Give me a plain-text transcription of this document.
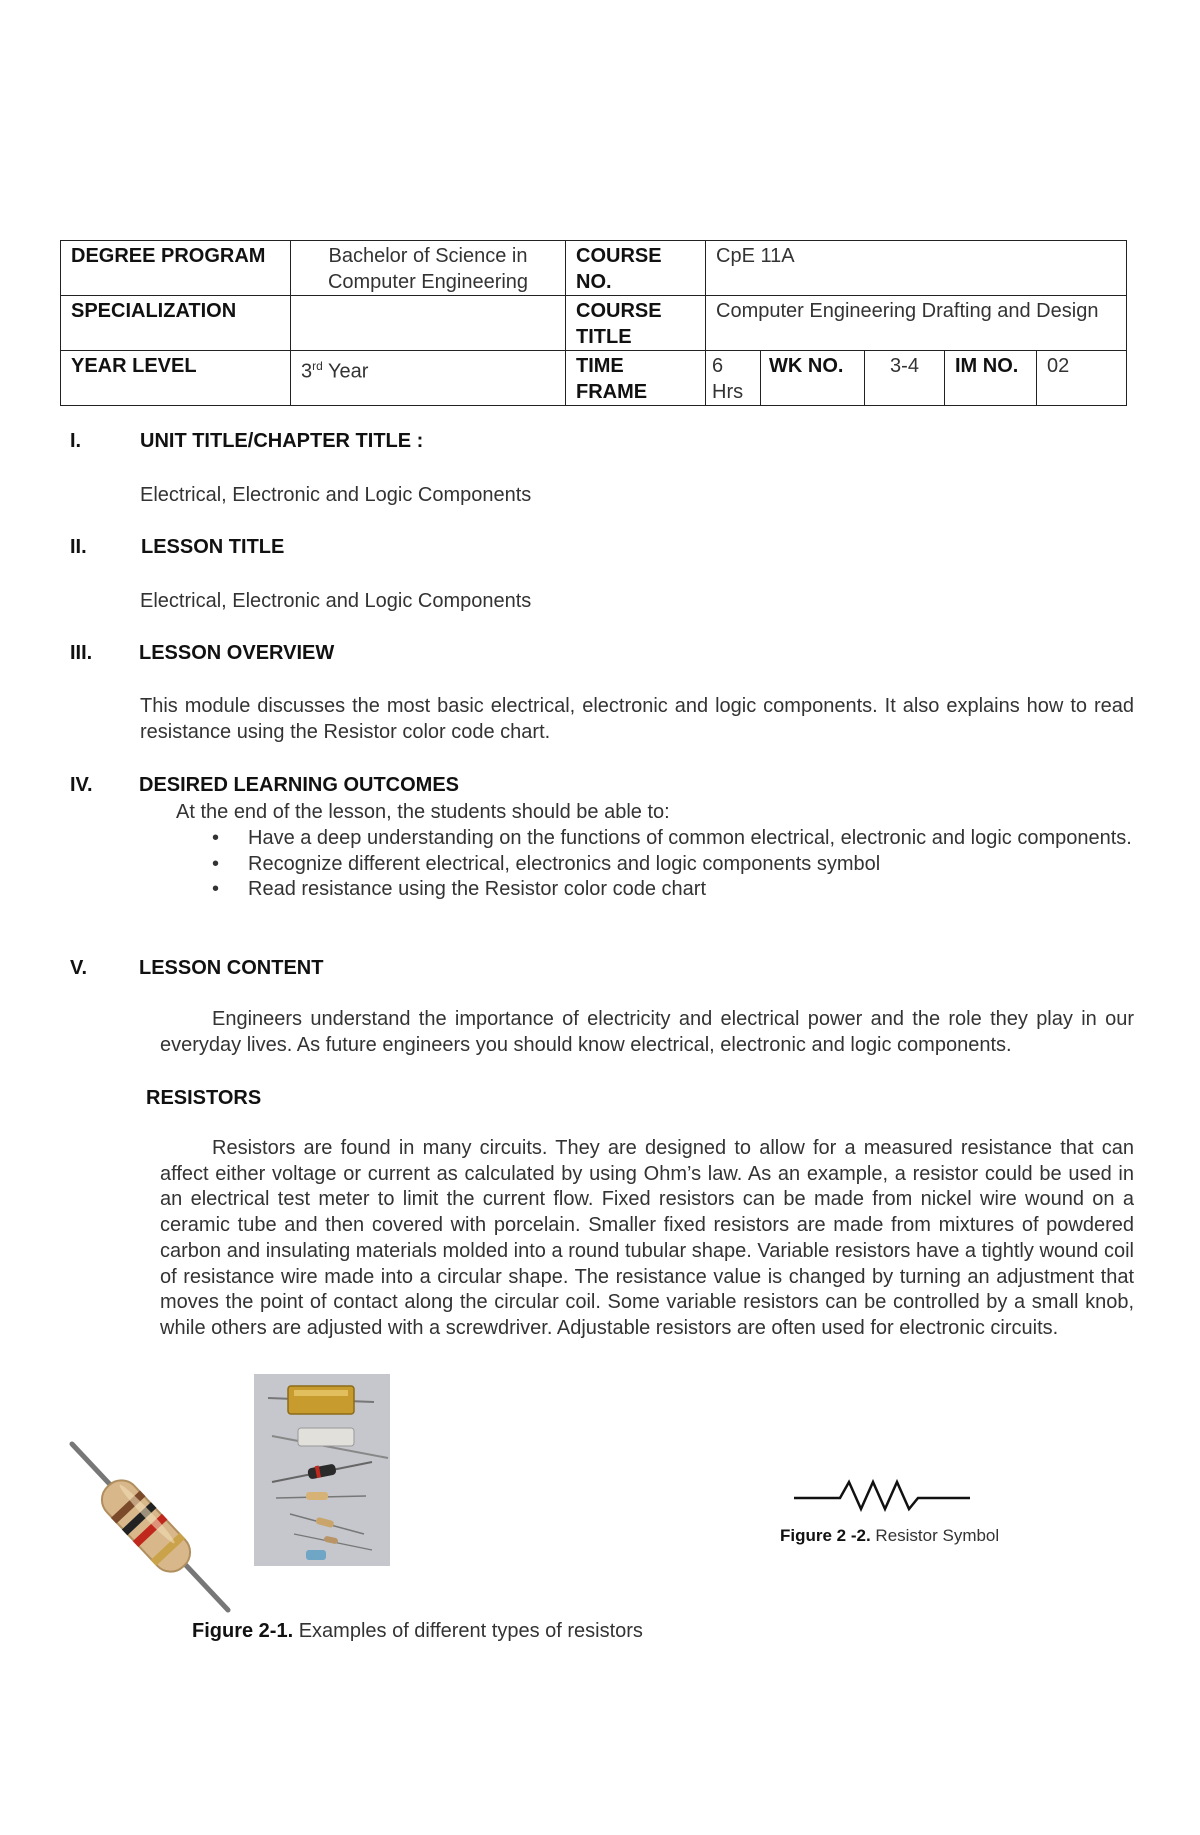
DEGREE PROGRAM	Bachelor of Science in Computer Engineering	COURSE NO.	CpE 11A				
SPECIALIZATION		COURSE TITLE	Computer Engineering Drafting and Design				
YEAR LEVEL	3rd Year	TIME FRAME	6 Hrs	WK NO.	3-4	IM NO.	02
I.	UNIT TITLE/CHAPTER TITLE :
Electrical, Electronic and Logic Components
II.	LESSON TITLE
Electrical, Electronic and Logic Components
III. LESSON OVERVIEW
This module discusses the most basic electrical, electronic and logic components. It also explains how to read resistance using the Resistor color code chart.
IV. DESIRED LEARNING OUTCOMES
At the end of the lesson, the students should be able to:
• Have a deep understanding on the functions of common electrical, electronic and logic components.
• Recognize different electrical, electronics and logic components symbol
• Read resistance using the Resistor color code chart
V.	LESSON CONTENT
Engineers understand the importance of electricity and electrical power and the role they play in our everyday lives. As future engineers you should know electrical, electronic and logic components.
RESISTORS
Resistors are found in many circuits. They are designed to allow for a measured resistance that can affect either voltage or current as calculated by using Ohm’s law. As an example, a resistor could be used in an electrical test meter to limit the current flow. Fixed resistors can be made from nickel wire wound on a ceramic tube and then covered with porcelain. Smaller fixed resistors are made from mixtures of powdered carbon and insulating materials molded into a round tubular shape. Variable resistors have a tightly wound coil of resistance wire made into a circular shape. The resistance value is changed by turning an adjustment that moves the point of contact along the circular coil. Some variable resistors can be controlled by a small knob, while others are adjusted with a screwdriver. Adjustable resistors are often used for electronic circuits.
Figure 2 -2. Resistor Symbol
Figure 2-1. Examples of different types of resistors
